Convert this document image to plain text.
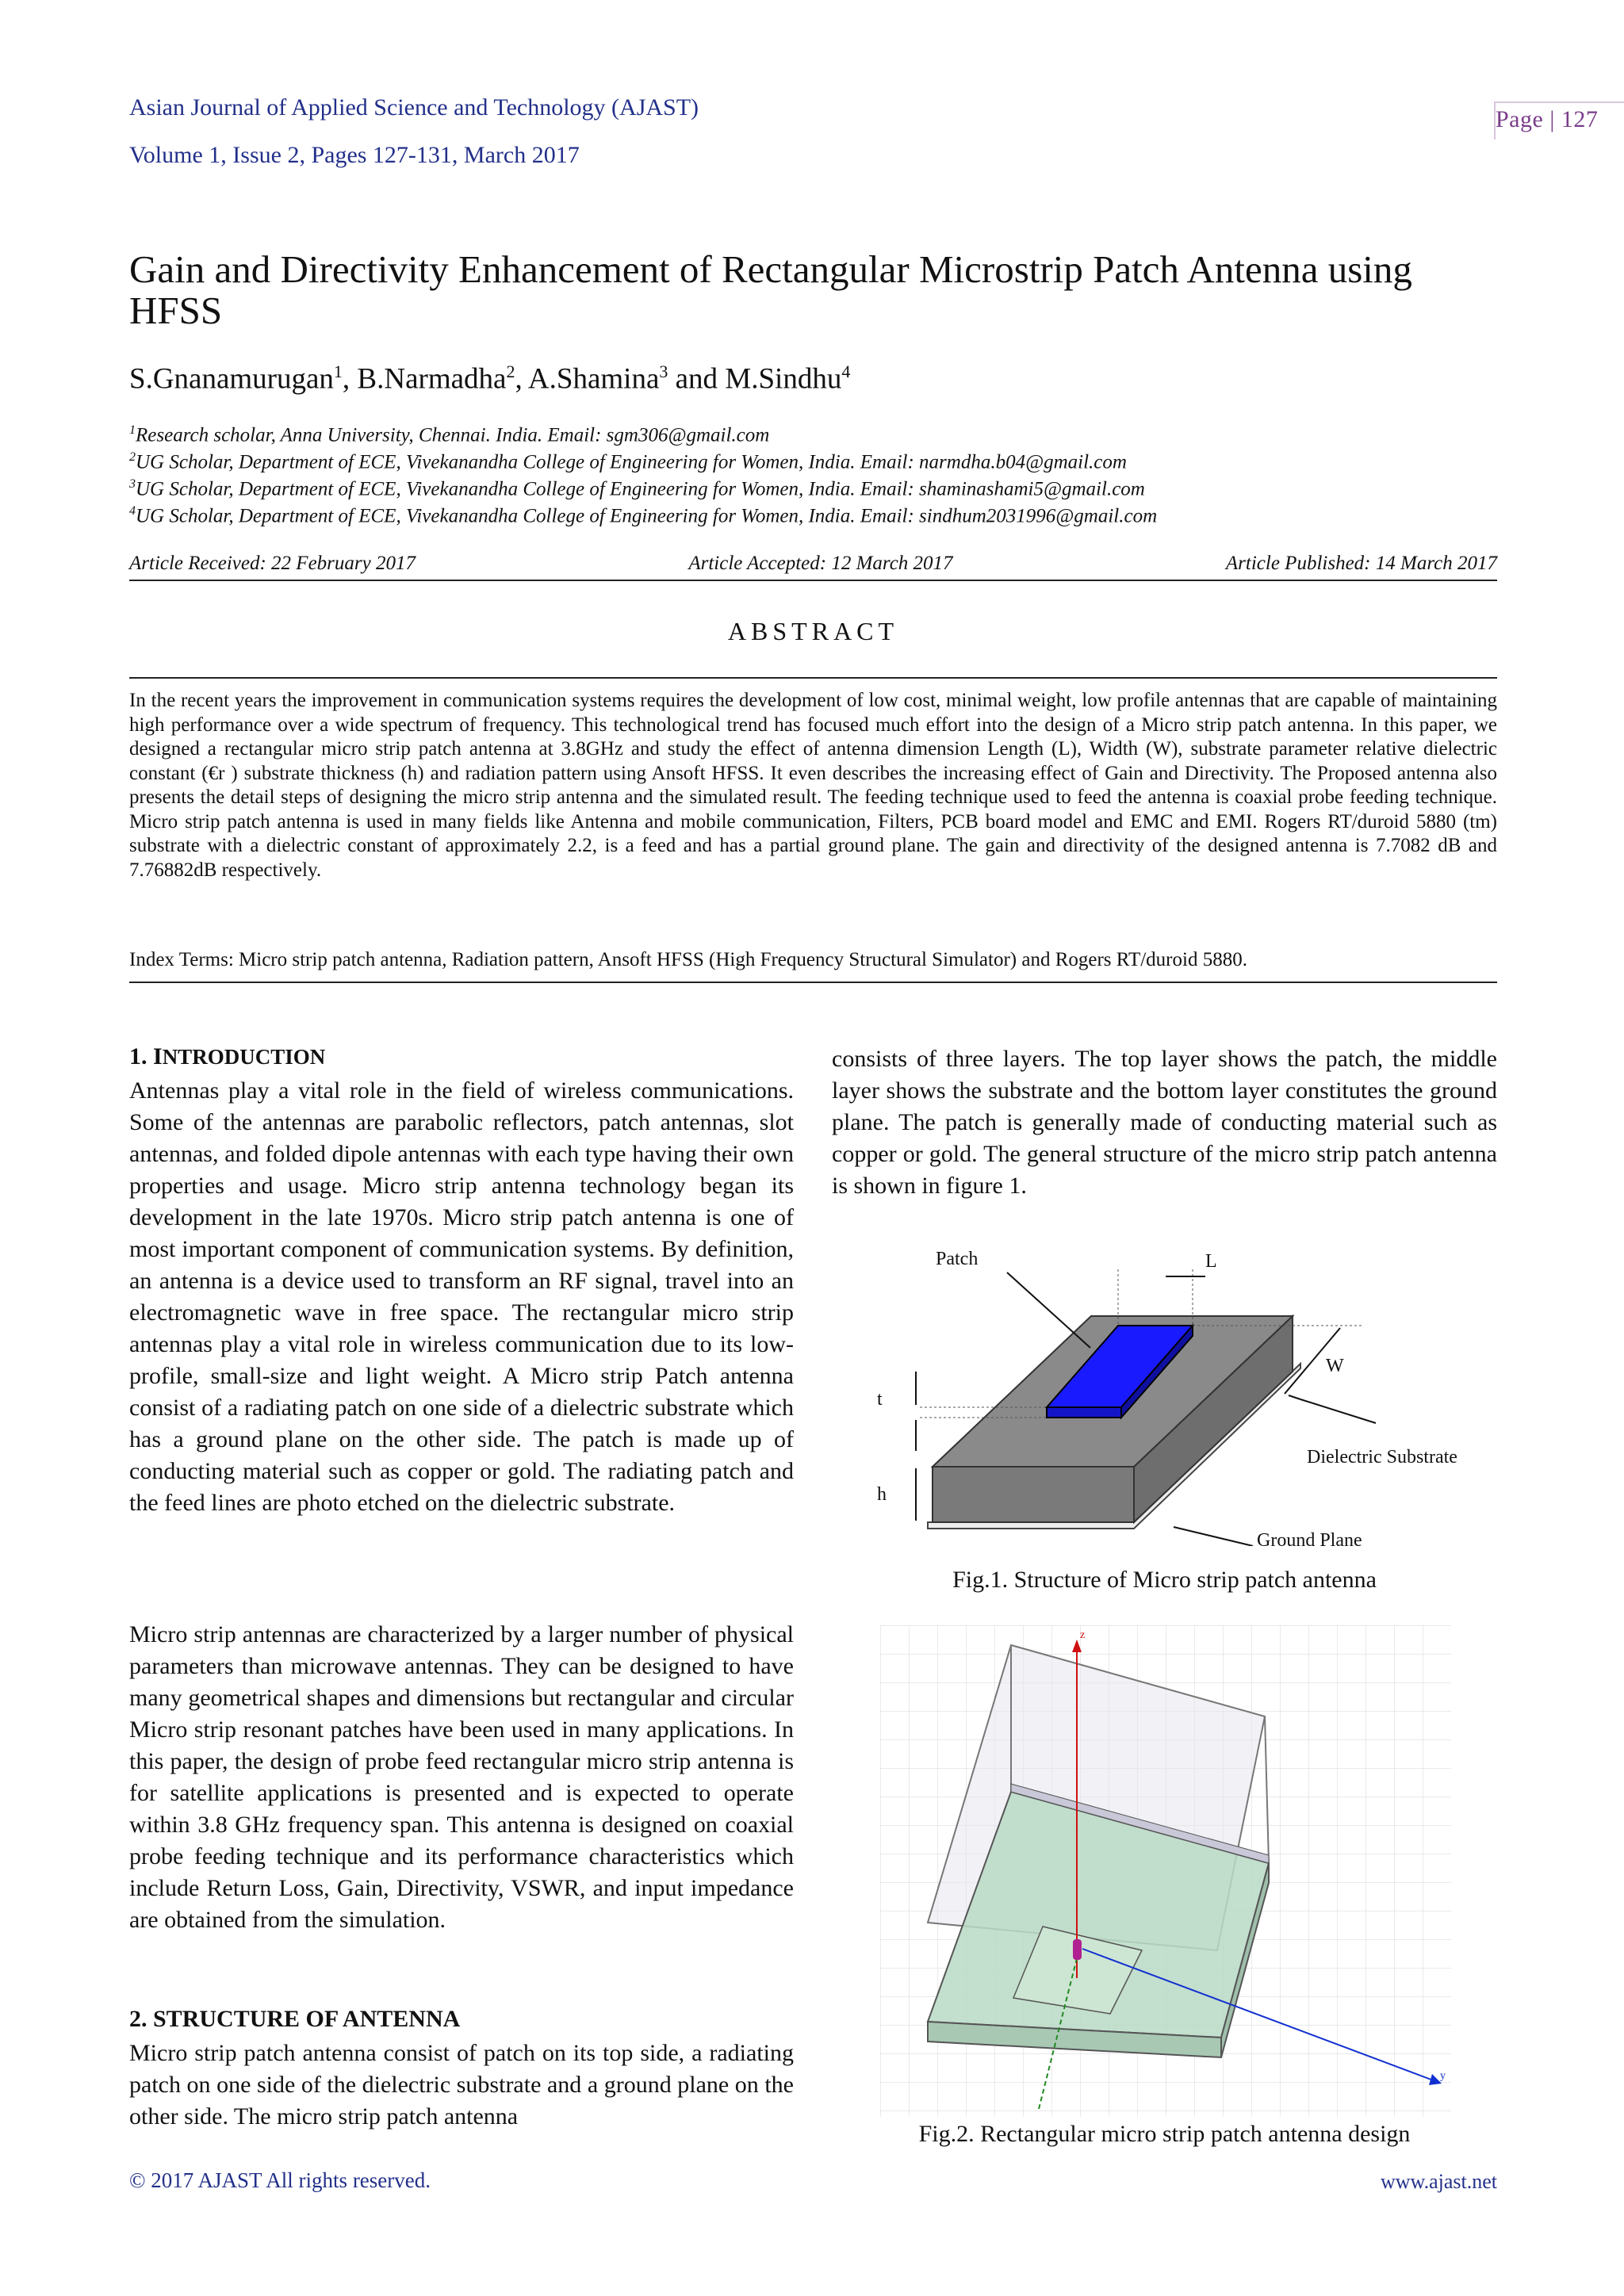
Asian Journal of Applied Science and Technology (AJAST)
Volume 1, Issue 2, Pages 127-131, March 2017
Page | 127
Gain and Directivity Enhancement of Rectangular Microstrip Patch Antenna using HFSS
S.Gnanamurugan$^1$, B.Narmadha$^2$, A.Shamina$^3$ and M.Sindhu$^4$
$^1$Research scholar, Anna University, Chennai. India. Email: sgm306@gmail.com
$^2$UG Scholar, Department of ECE, Vivekanandha College of Engineering for Women, India. Email: narmdha.b04@gmail.com
$^3$UG Scholar, Department of ECE, Vivekanandha College of Engineering for Women, India. Email: shaminashami5@gmail.com
$^4$UG Scholar, Department of ECE, Vivekanandha College of Engineering for Women, India. Email: sindhum2031996@gmail.com
Article Received: 22 February 2017	Article Accepted: 12 March 2017	Article Published: 14 March 2017
ABSTRACT
In the recent years the improvement in communication systems requires the development of low cost, minimal weight, low profile antennas that are capable of maintaining high performance over a wide spectrum of frequency. This technological trend has focused much effort into the design of a Micro strip patch antenna. In this paper, we designed a rectangular micro strip patch antenna at 3.8GHz and study the effect of antenna dimension Length (L), Width (W), substrate parameter relative dielectric constant (€r ) substrate thickness (h) and radiation pattern using Ansoft HFSS. It even describes the increasing effect of Gain and Directivity. The Proposed antenna also presents the detail steps of designing the micro strip antenna and the simulated result. The feeding technique used to feed the antenna is coaxial probe feeding technique. Micro strip patch antenna is used in many fields like Antenna and mobile communication, Filters, PCB board model and EMC and EMI. Rogers RT/duroid 5880 (tm) substrate with a dielectric constant of approximately 2.2, is a feed and has a partial ground plane. The gain and directivity of the designed antenna is 7.7082 dB and 7.76882dB respectively.
Index Terms: Micro strip patch antenna, Radiation pattern, Ansoft HFSS (High Frequency Structural Simulator) and Rogers RT/duroid 5880.
1. INTRODUCTION

Antennas play a vital role in the field of wireless communications. Some of the antennas are parabolic reflectors, patch antennas, slot antennas, and folded dipole antennas with each type having their own properties and usage. Micro strip antenna technology began its development in the late 1970s. Micro strip patch antenna is one of most important component of communication systems. By definition, an antenna is a device used to transform an RF signal, travel into an electromagnetic wave in free space. The rectangular micro strip antennas play a vital role in wireless communication due to its low-profile, small-size and light weight. A Micro strip Patch antenna consist of a radiating patch on one side of a dielectric substrate which has a ground plane on the other side. The patch is made up of conducting material such as copper or gold. The radiating patch and the feed lines are photo etched on the dielectric substrate.

Micro strip antennas are characterized by a larger number of physical parameters than microwave antennas. They can be designed to have many geometrical shapes and dimensions but rectangular and circular Micro strip resonant patches have been used in many applications. In this paper, the design of probe feed rectangular micro strip antenna is for satellite applications is presented and is expected to operate within 3.8 GHz frequency span. This antenna is designed on coaxial probe feeding technique and its performance characteristics which include Return Loss, Gain, Directivity, VSWR, and input impedance are obtained from the simulation.

2. STRUCTURE OF ANTENNA

Micro strip patch antenna consist of patch on its top side, a radiating patch on one side of the dielectric substrate and a ground plane on the other side. The micro strip patch antenna

consists of three layers. The top layer shows the patch, the middle layer shows the substrate and the bottom layer constitutes the ground plane. The patch is generally made of conducting material such as copper or gold. The general structure of the micro strip patch antenna is shown in figure 1.

Patch	L
W
t
h
Dielectric Substrate
Ground Plane
Fig.1. Structure of Micro strip patch antenna
z
y
Fig.2. Rectangular micro strip patch antenna design
© 2017 AJAST All rights reserved.	www.ajast.net
